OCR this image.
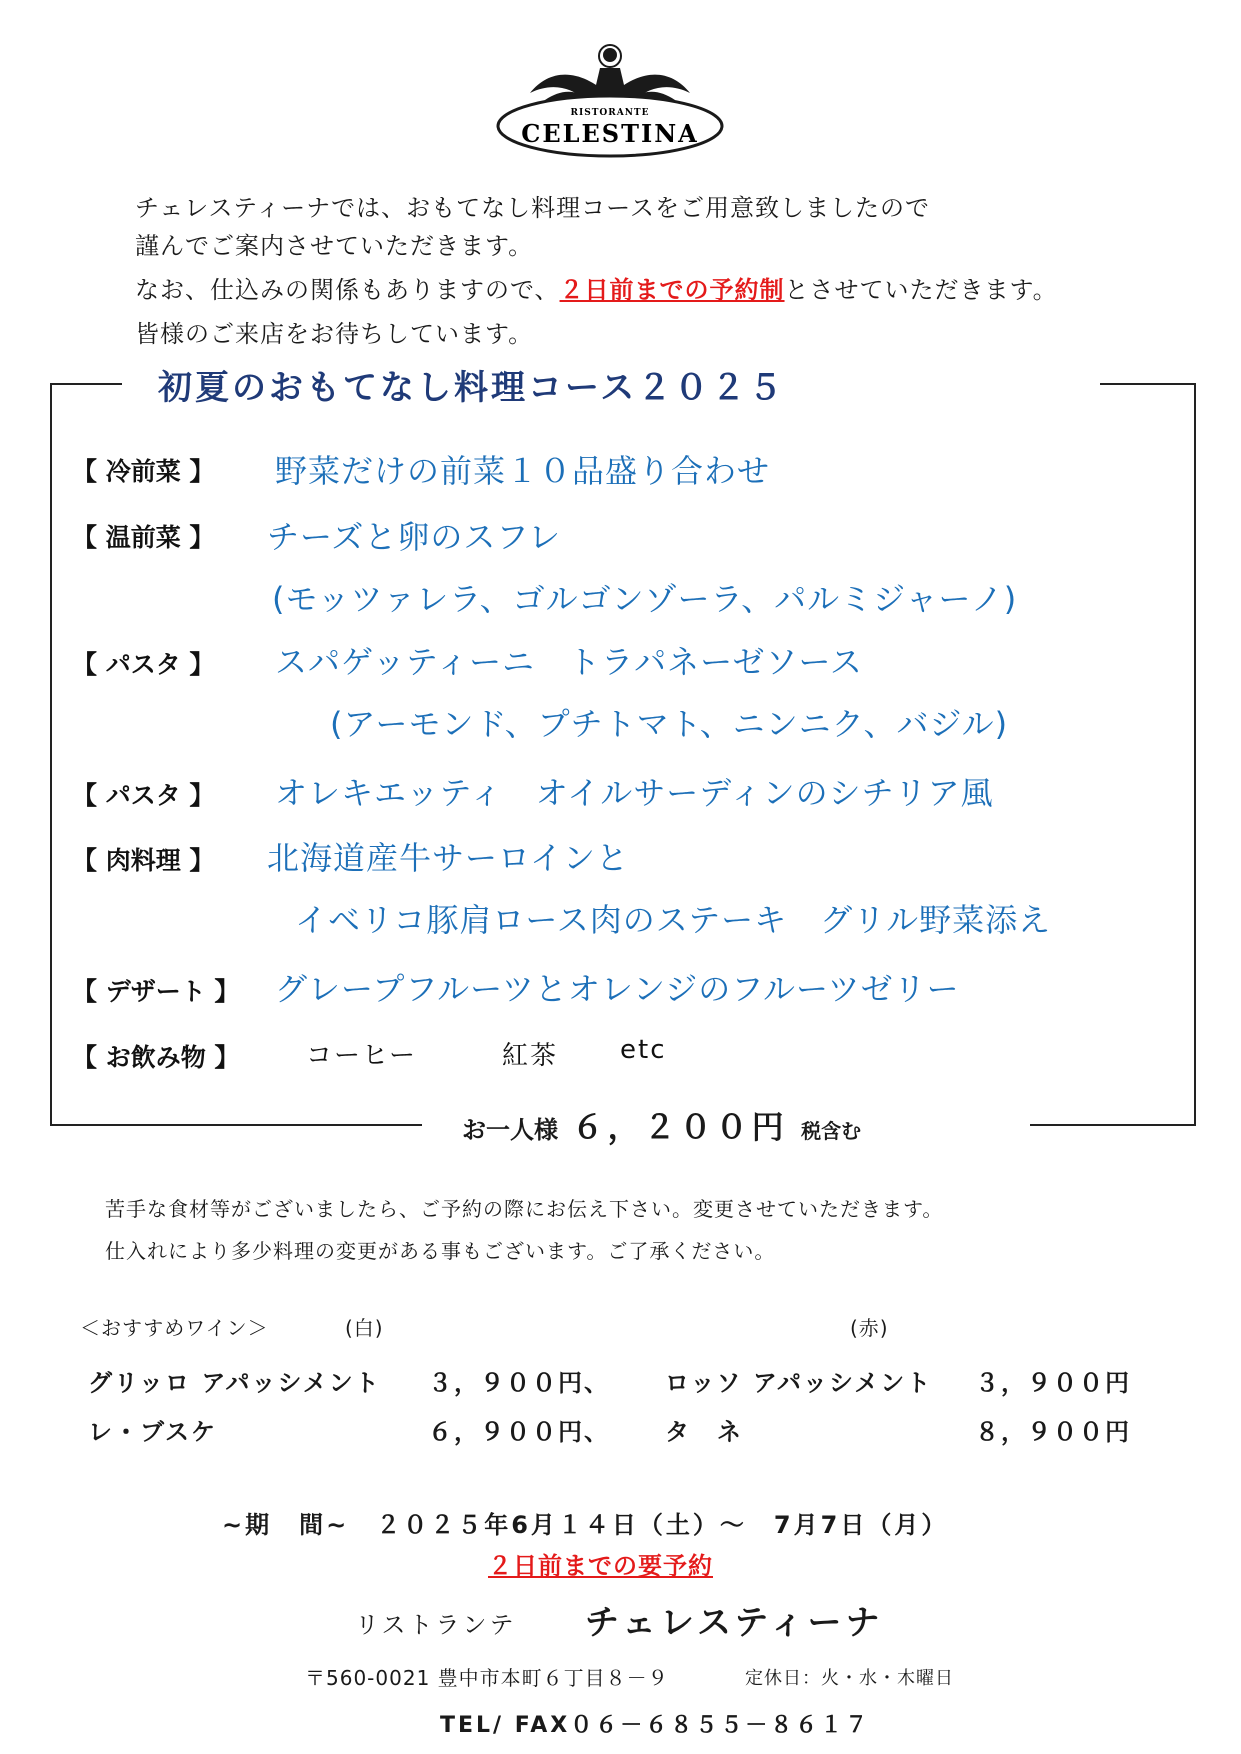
RISTORANTE
CELESTINA
チェレスティーナでは、おもてなし料理コースをご用意致しましたので
謹んでご案内させていただきます。
なお、仕込みの関係もありますので、２日前までの予約制とさせていただきます。
皆様のご来店をお待ちしています。
初夏のおもてなし料理コース２０２５
【 冷前菜 】 野菜だけの前菜１０品盛り合わせ
【 温前菜 】 チーズと卵のスフレ
(モッツァレラ、ゴルゴンゾーラ、パルミジャーノ)
【 パスタ 】 スパゲッティーニ　トラパネーゼソース
(アーモンド、プチトマト、ニンニク、バジル)
【 パスタ 】 オレキエッティ　オイルサーディンのシチリア風
【 肉料理 】 北海道産牛サーロインと
イベリコ豚肩ロース肉のステーキ　グリル野菜添え
【 デザート 】 グレープフルーツとオレンジのフルーツゼリー
【 お飲み物 】	コーヒー	紅茶 etc
お一人様 ６，２００円 税含む
苦手な食材等がございましたら、ご予約の際にお伝え下さい。変更させていただきます。
仕入れにより多少料理の変更がある事もございます。ご了承ください。
＜おすすめワイン＞	(白)	(赤)
グリッロ アパッシメント ３，９００円、 ロッソ アパッシメント ３，９００円
レ・ブスケ	６，９００円、 タ　ネ	８，９００円
~期　間~　 ２０２５年6月１４日（土）～　7月7日（月）
２日前までの要予約
リストランテ チェレスティーナ
〒560-0021 豊中市本町６丁目８－９	定休日：火・水・木曜日
TEL/ FAX０６－６８５５－８６１７
